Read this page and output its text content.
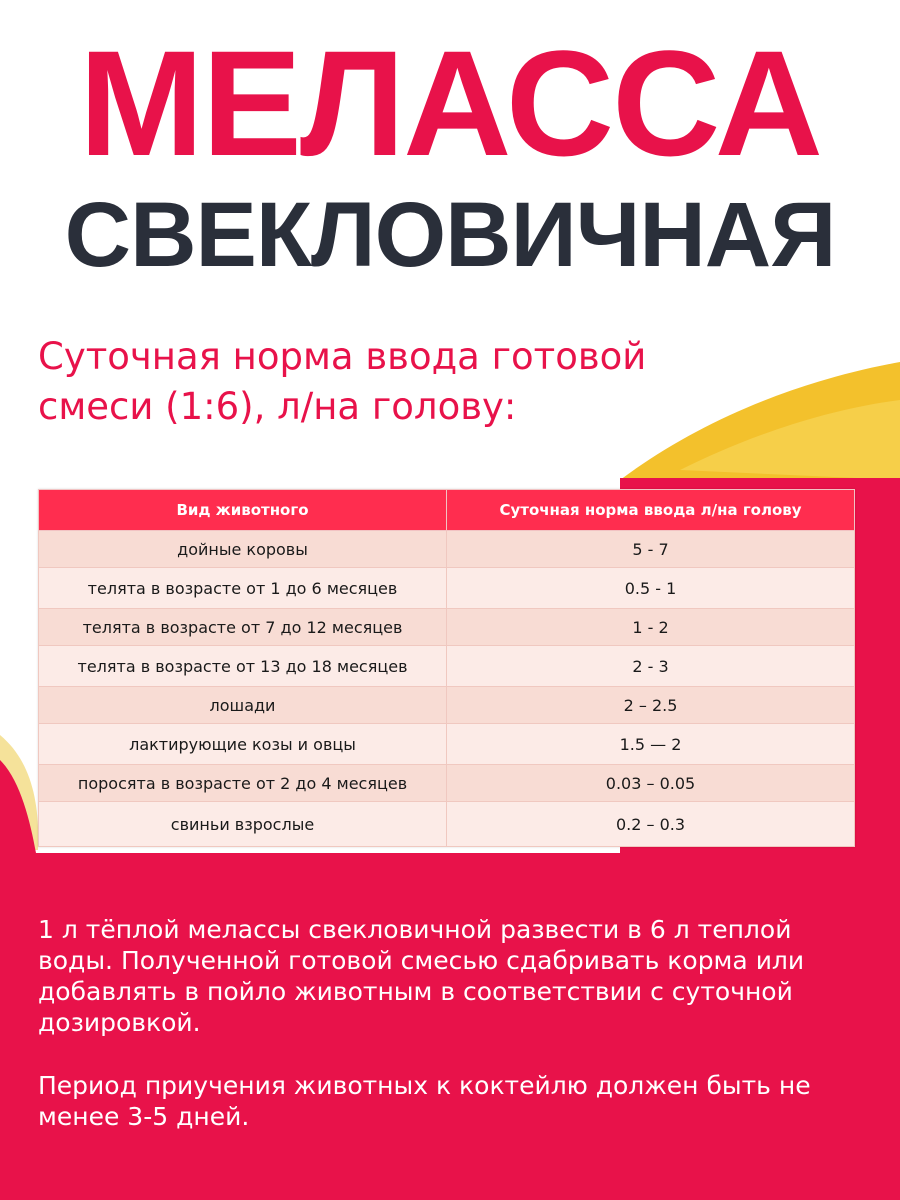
МЕЛАССА
СВЕКЛОВИЧНАЯ
Суточная норма ввода готовой
смеси (1:6), л/на голову:
Вид животного	Суточная норма ввода л/на голову
дойные коровы	5 - 7
телята в возрасте от 1 до 6 месяцев	0.5 - 1
телята в возрасте от 7 до 12 месяцев	1 - 2
телята в возрасте от 13 до 18 месяцев	2 - 3
лошади	2 – 2.5
лактирующие козы и овцы	1.5 — 2
поросята в возрасте от 2 до 4 месяцев	0.03 – 0.05
свиньи взрослые	0.2 – 0.3

1 л тёплой мелассы свекловичной развести в 6 л теплой воды. Полученной готовой смесью сдабривать корма или добавлять в пойло животным в соответствии с суточной дозировкой.

Период приучения животных к коктейлю должен быть не менее 3-5 дней.
